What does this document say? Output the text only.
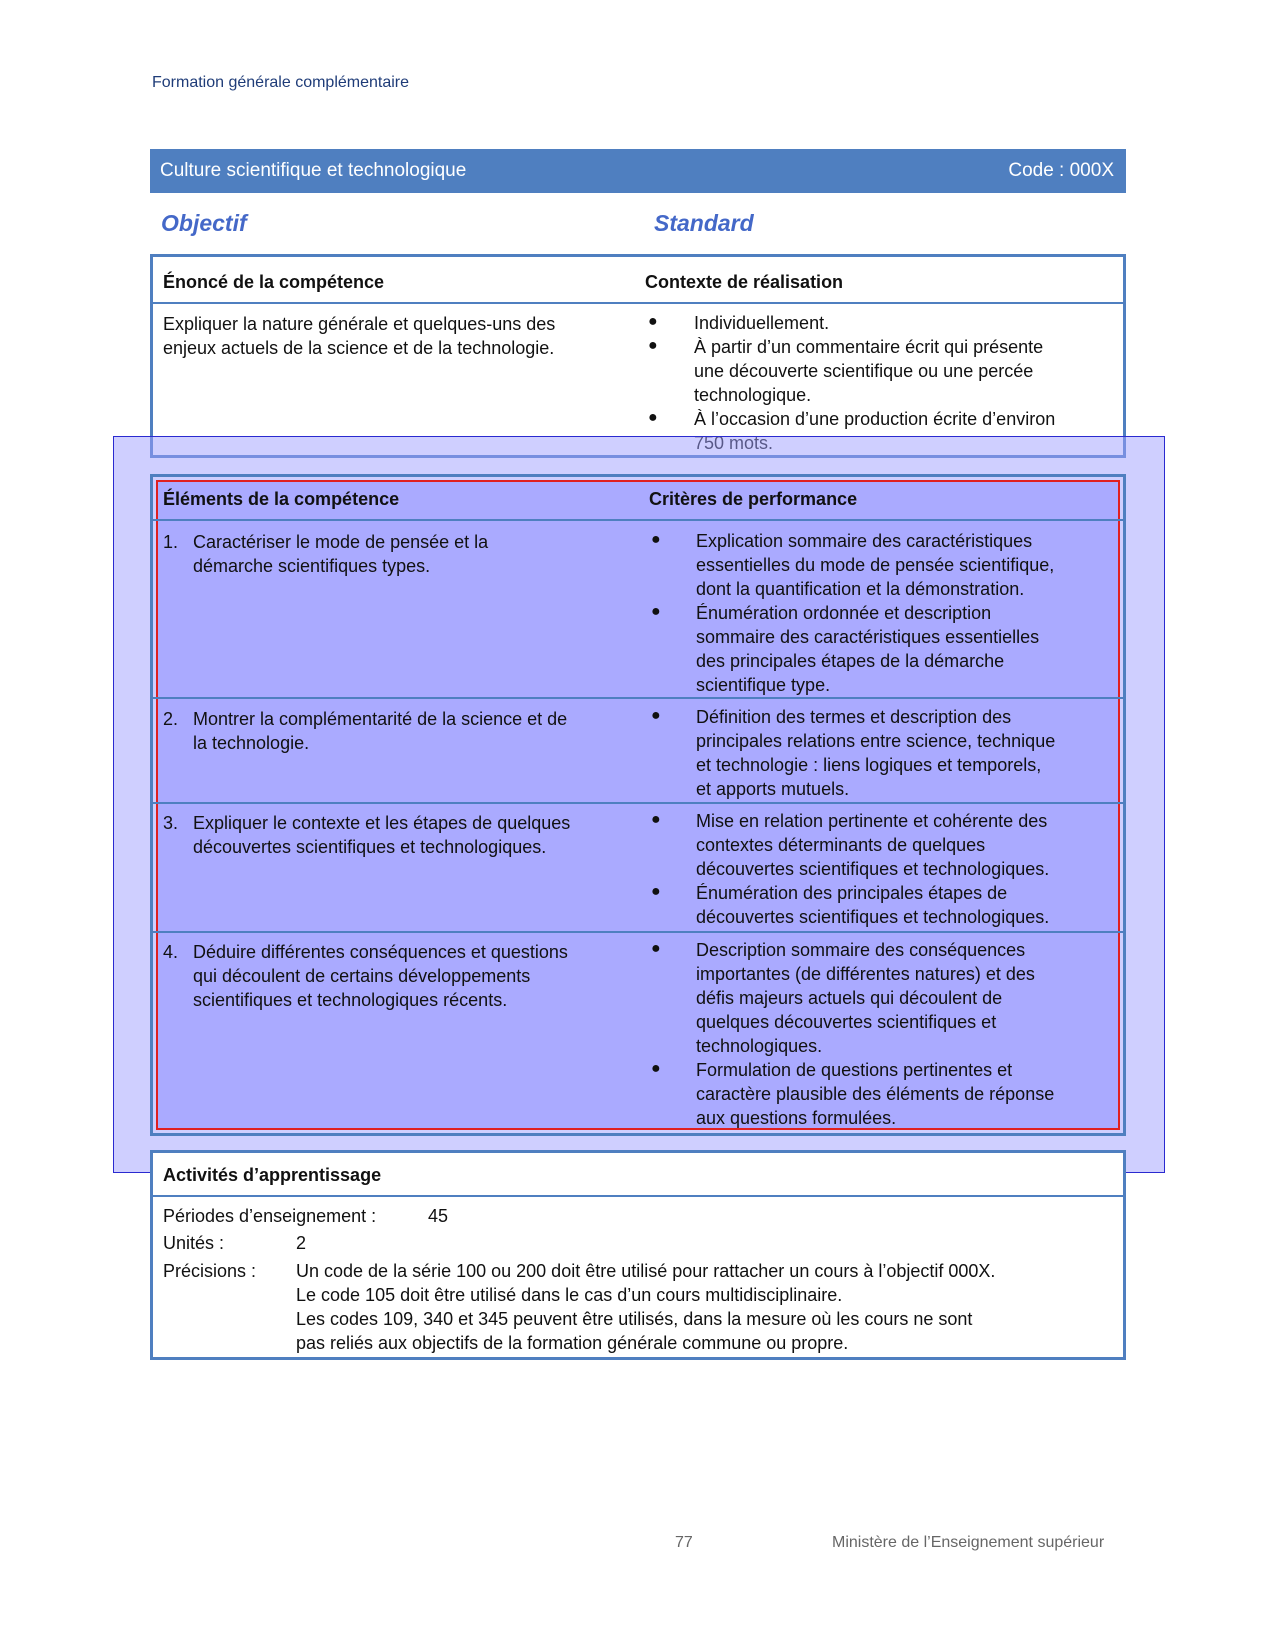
Formation générale complémentaire
Culture scientifique et technologique	Code : 000X
Objectif	Standard
Énoncé de la compétence	Contexte de réalisation
Expliquer la nature générale et quelques-uns des
enjeux actuels de la science et de la technologie.
● Individuellement.
● À partir d’un commentaire écrit qui présente
une découverte scientifique ou une percée
technologique.
● À l’occasion d’une production écrite d’environ
Éléments de la compétence	Critères de performance
1. Caractériser le mode de pensée et la
démarche scientifiques types.
● Explication sommaire des caractéristiques
essentielles du mode de pensée scientifique,
dont la quantification et la démonstration.
● Énumération ordonnée et description
sommaire des caractéristiques essentielles
des principales étapes de la démarche
scientifique type.
2. Montrer la complémentarité de la science et de
la technologie.
● Définition des termes et description des
principales relations entre science, technique
et technologie : liens logiques et temporels,
et apports mutuels.
3. Expliquer le contexte et les étapes de quelques
découvertes scientifiques et technologiques.
● Mise en relation pertinente et cohérente des
contextes déterminants de quelques
découvertes scientifiques et technologiques.
● Énumération des principales étapes de
découvertes scientifiques et technologiques.
4. Déduire différentes conséquences et questions
qui découlent de certains développements
scientifiques et technologiques récents.
● Description sommaire des conséquences
importantes (de différentes natures) et des
défis majeurs actuels qui découlent de
quelques découvertes scientifiques et
technologiques.
● Formulation de questions pertinentes et
caractère plausible des éléments de réponse
aux questions formulées.
Activités d’apprentissage
Périodes d’enseignement :	45
Unités :	2
Précisions : Un code de la série 100 ou 200 doit être utilisé pour rattacher un cours à l’objectif 000X.
Le code 105 doit être utilisé dans le cas d’un cours multidisciplinaire.
Les codes 109, 340 et 345 peuvent être utilisés, dans la mesure où les cours ne sont
pas reliés aux objectifs de la formation générale commune ou propre.
77	Ministère de l’Enseignement supérieur
